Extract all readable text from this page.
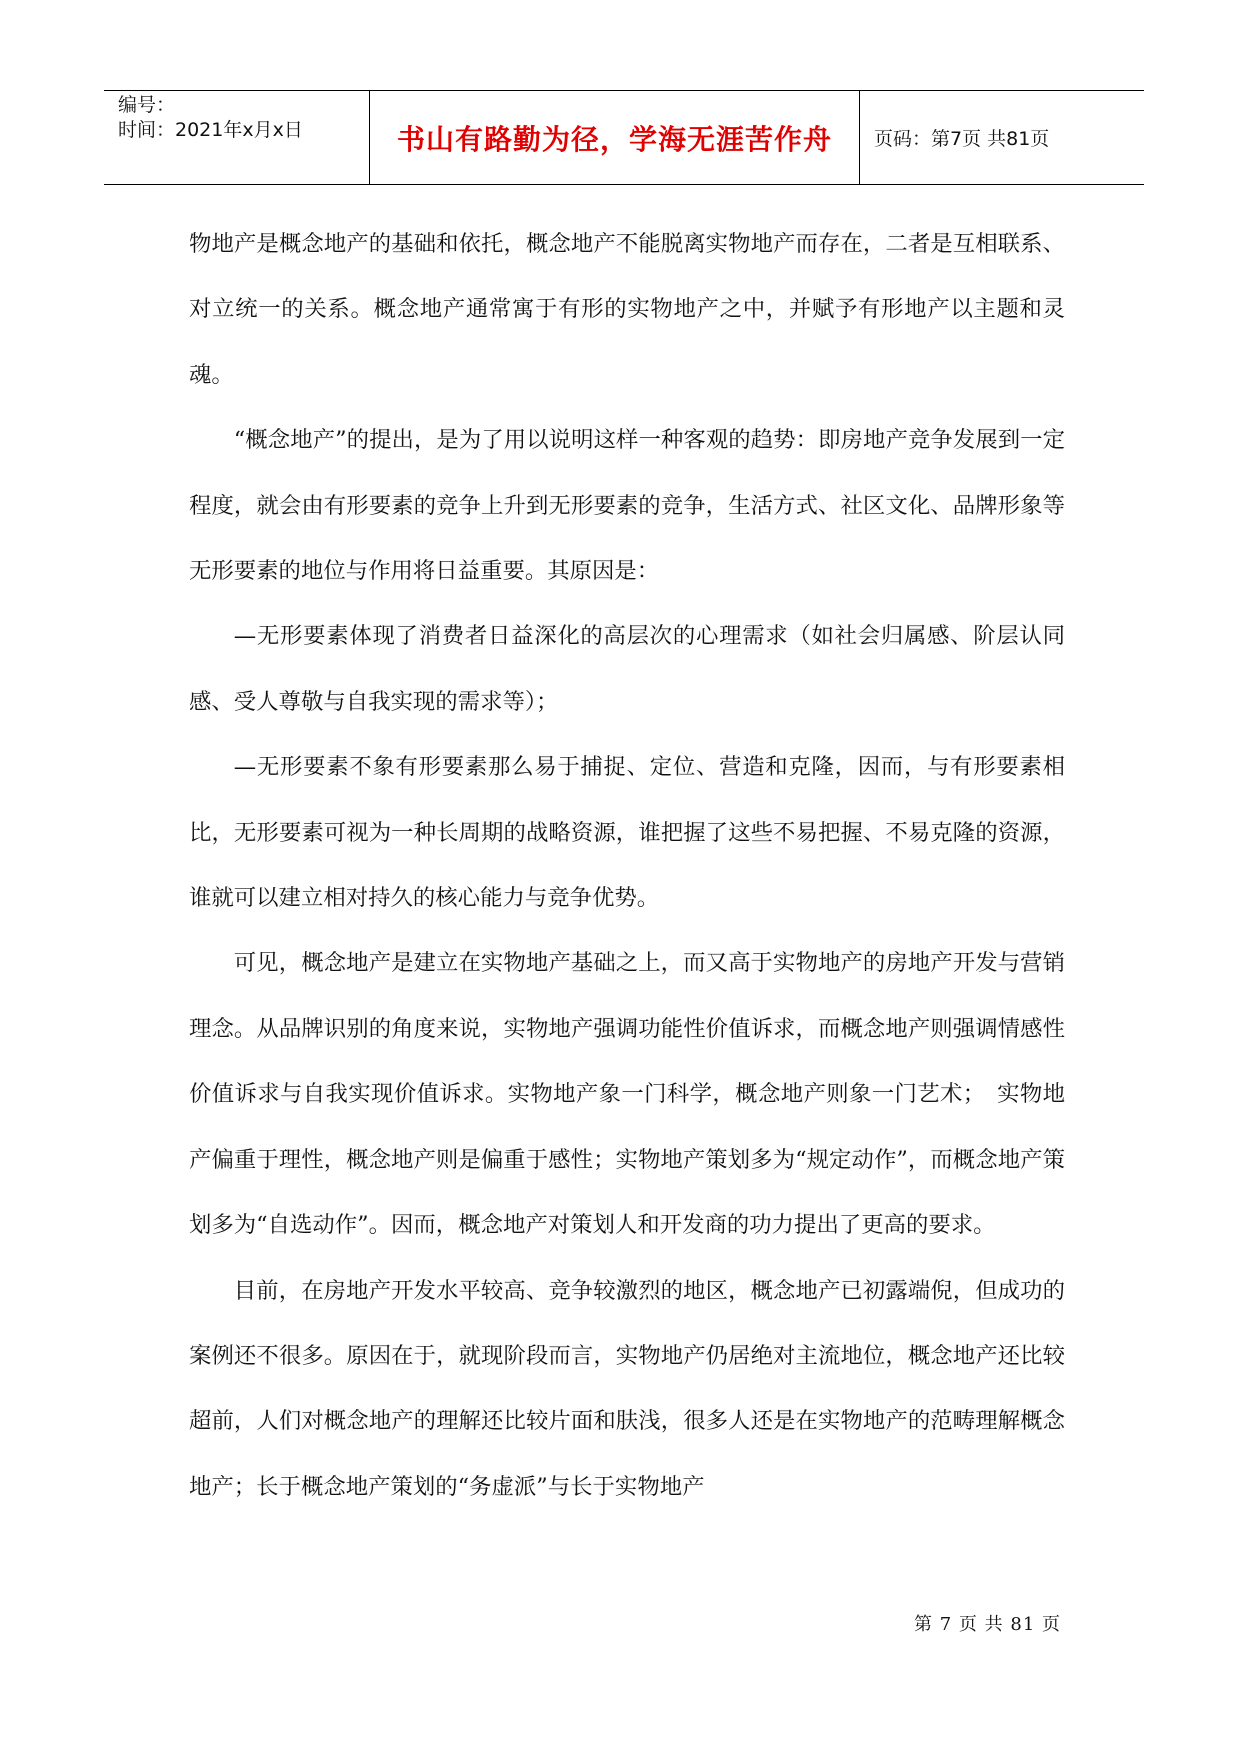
编号：
时间：2021年x月x日	书山有路勤为径，学海无涯苦作舟	页码：第7页 共81页

物地产是概念地产的基础和依托，概念地产不能脱离实物地产而存在，二者是互相联系、对立统一的关系。概念地产通常寓于有形的实物地产之中，并赋予有形地产以主题和灵魂。

“概念地产”的提出，是为了用以说明这样一种客观的趋势：即房地产竞争发展到一定程度，就会由有形要素的竞争上升到无形要素的竞争，生活方式、社区文化、品牌形象等无形要素的地位与作用将日益重要。其原因是：

—无形要素体现了消费者日益深化的高层次的心理需求（如社会归属感、阶层认同感、受人尊敬与自我实现的需求等）；

—无形要素不象有形要素那么易于捕捉、定位、营造和克隆，因而，与有形要素相比，无形要素可视为一种长周期的战略资源，谁把握了这些不易把握、不易克隆的资源，谁就可以建立相对持久的核心能力与竞争优势。

可见，概念地产是建立在实物地产基础之上，而又高于实物地产的房地产开发与营销理念。从品牌识别的角度来说，实物地产强调功能性价值诉求，而概念地产则强调情感性价值诉求与自我实现价值诉求。实物地产象一门科学，概念地产则象一门艺术；　实物地产偏重于理性，概念地产则是偏重于感性；实物地产策划多为“规定动作”，而概念地产策划多为“自选动作”。因而，概念地产对策划人和开发商的功力提出了更高的要求。

目前，在房地产开发水平较高、竞争较激烈的地区，概念地产已初露端倪，但成功的案例还不很多。原因在于，就现阶段而言，实物地产仍居绝对主流地位，概念地产还比较超前，人们对概念地产的理解还比较片面和肤浅，很多人还是在实物地产的范畴理解概念地产；长于概念地产策划的“务虚派”与长于实物地产

第 7 页 共 81 页
